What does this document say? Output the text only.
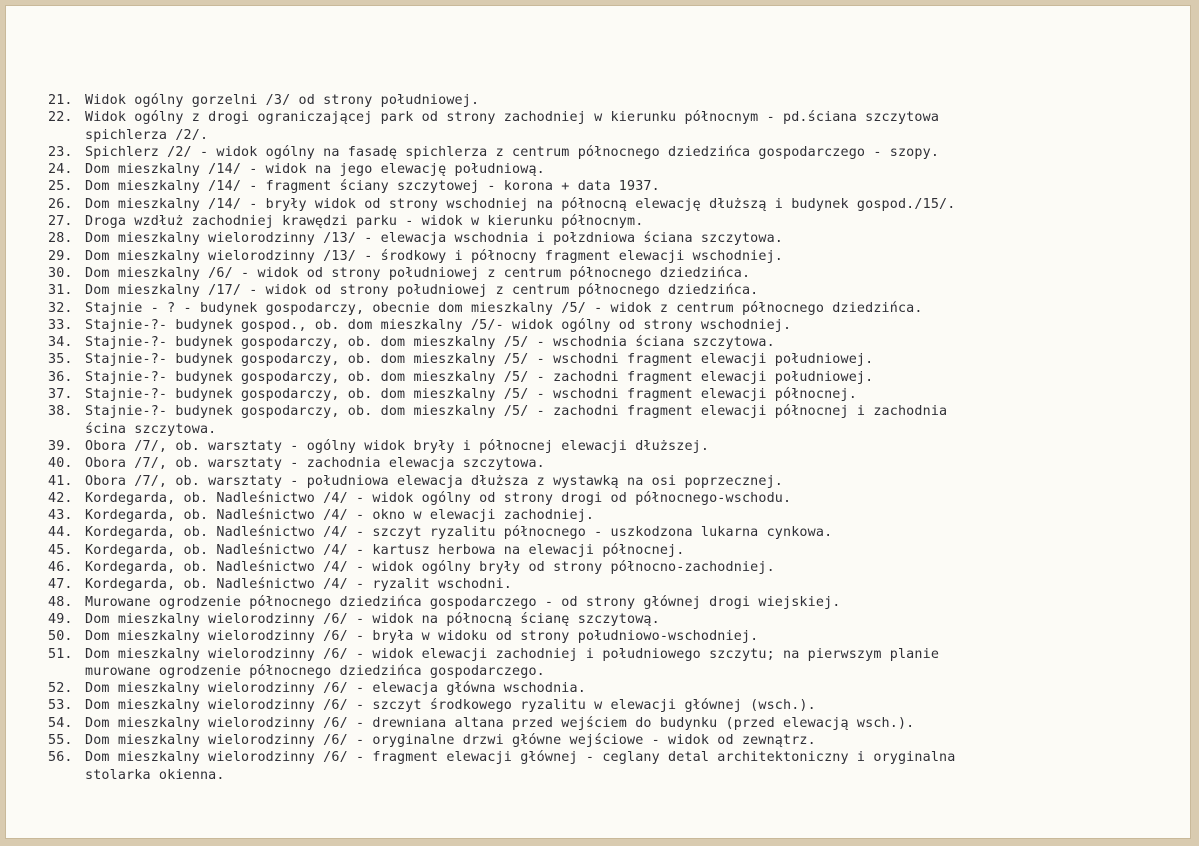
21. Widok ogólny gorzelni /3/ od strony południowej.
22. Widok ogólny z drogi ograniczającej park od strony zachodniej w kierunku północnym - pd.ściana szczytowa
spichlerza /2/.
23. Spichlerz /2/ - widok ogólny na fasadę spichlerza z centrum północnego dziedzińca gospodarczego - szopy.
24. Dom mieszkalny /14/ - widok na jego elewację południową.
25. Dom mieszkalny /14/ - fragment ściany szczytowej - korona + data 1937.
26. Dom mieszkalny /14/ - bryły widok od strony wschodniej na północną elewację dłuższą i budynek gospod./15/.
27. Droga wzdłuż zachodniej krawędzi parku - widok w kierunku północnym.
28. Dom mieszkalny wielorodzinny /13/ - elewacja wschodnia i połzdniowa ściana szczytowa.
29. Dom mieszkalny wielorodzinny /13/ - środkowy i północny fragment elewacji wschodniej.
30. Dom mieszkalny /6/ - widok od strony południowej z centrum północnego dziedzińca.
31. Dom mieszkalny /17/ - widok od strony południowej z centrum północnego dziedzińca.
32. Stajnie - ? - budynek gospodarczy, obecnie dom mieszkalny /5/ - widok z centrum północnego dziedzińca.
33. Stajnie-?- budynek gospod., ob. dom mieszkalny /5/- widok ogólny od strony wschodniej.
34. Stajnie-?- budynek gospodarczy, ob. dom mieszkalny /5/ - wschodnia ściana szczytowa.
35. Stajnie-?- budynek gospodarczy, ob. dom mieszkalny /5/ - wschodni fragment elewacji południowej.
36. Stajnie-?- budynek gospodarczy, ob. dom mieszkalny /5/ - zachodni fragment elewacji południowej.
37. Stajnie-?- budynek gospodarczy, ob. dom mieszkalny /5/ - wschodni fragment elewacji północnej.
38. Stajnie-?- budynek gospodarczy, ob. dom mieszkalny /5/ - zachodni fragment elewacji północnej i zachodnia
ścina szczytowa.
39. Obora /7/, ob. warsztaty - ogólny widok bryły i północnej elewacji dłuższej.
40. Obora /7/, ob. warsztaty - zachodnia elewacja szczytowa.
41. Obora /7/, ob. warsztaty - południowa elewacja dłuższa z wystawką na osi poprzecznej.
42. Kordegarda, ob. Nadleśnictwo /4/ - widok ogólny od strony drogi od północnego-wschodu.
43. Kordegarda, ob. Nadleśnictwo /4/ - okno w elewacji zachodniej.
44. Kordegarda, ob. Nadleśnictwo /4/ - szczyt ryzalitu północnego - uszkodzona lukarna cynkowa.
45. Kordegarda, ob. Nadleśnictwo /4/ - kartusz herbowa na elewacji północnej.
46. Kordegarda, ob. Nadleśnictwo /4/ - widok ogólny bryły od strony północno-zachodniej.
47. Kordegarda, ob. Nadleśnictwo /4/ - ryzalit wschodni.
48. Murowane ogrodzenie północnego dziedzińca gospodarczego - od strony głównej drogi wiejskiej.
49. Dom mieszkalny wielorodzinny /6/ - widok na północną ścianę szczytową.
50. Dom mieszkalny wielorodzinny /6/ - bryła w widoku od strony południowo-wschodniej.
51. Dom mieszkalny wielorodzinny /6/ - widok elewacji zachodniej i południowego szczytu; na pierwszym planie
murowane ogrodzenie północnego dziedzińca gospodarczego.
52. Dom mieszkalny wielorodzinny /6/ - elewacja główna wschodnia.
53. Dom mieszkalny wielorodzinny /6/ - szczyt środkowego ryzalitu w elewacji głównej (wsch.).
54. Dom mieszkalny wielorodzinny /6/ - drewniana altana przed wejściem do budynku (przed elewacją wsch.).
55. Dom mieszkalny wielorodzinny /6/ - oryginalne drzwi główne wejściowe - widok od zewnątrz.
56. Dom mieszkalny wielorodzinny /6/ - fragment elewacji głównej - ceglany detal architektoniczny i oryginalna
stolarka okienna.
